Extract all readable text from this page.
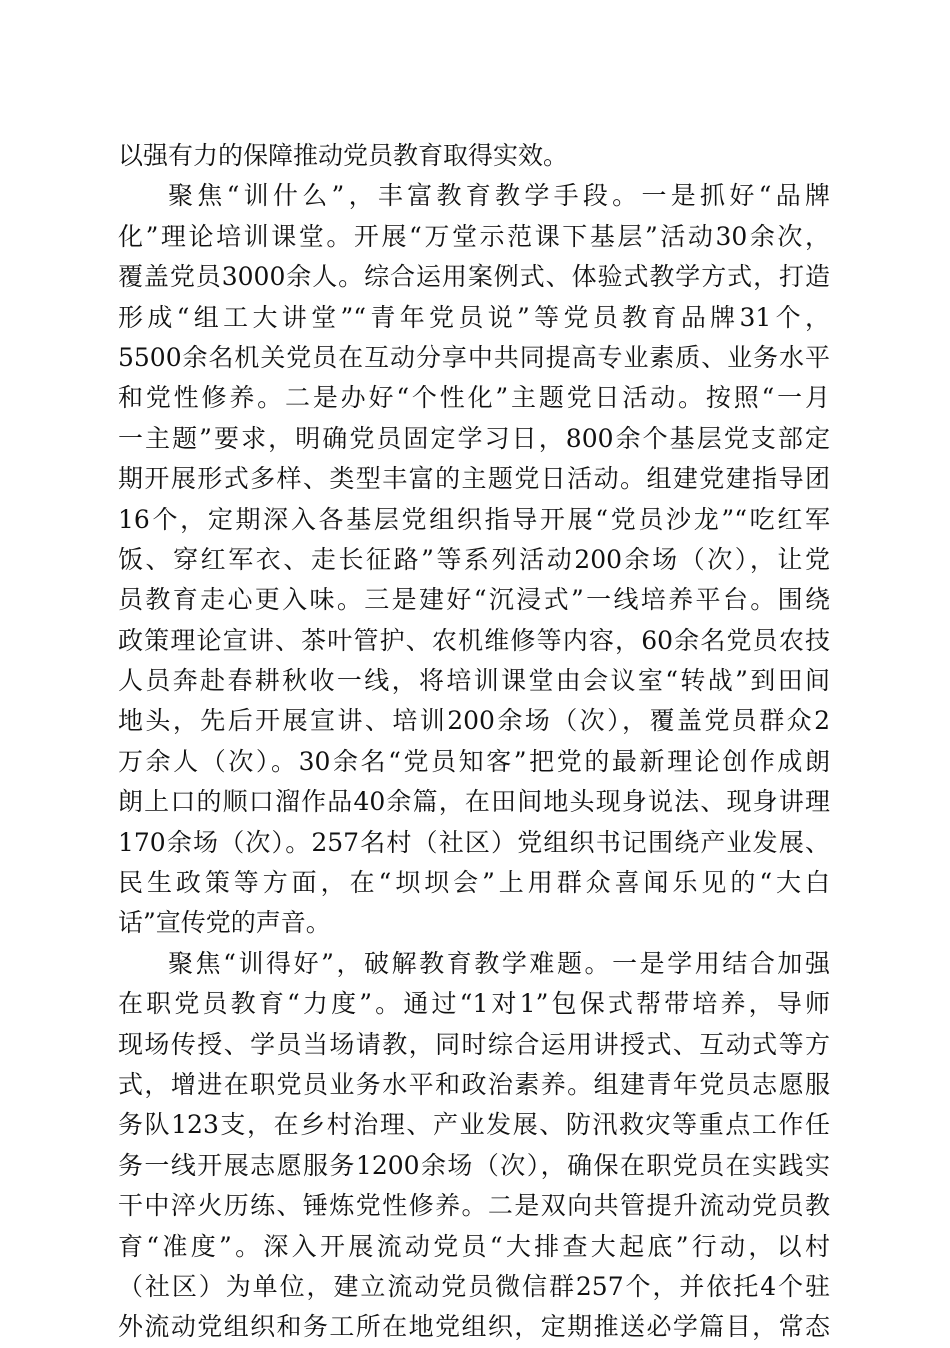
以强有力的保障推动党员教育取得实效。
聚焦“训什么”，丰富教育教学手段。一是抓好“品牌
化”理论培训课堂。开展“万堂示范课下基层”活动30余次，
覆盖党员3000余人。综合运用案例式、体验式教学方式，打造
形成“组工大讲堂”“青年党员说”等党员教育品牌31个，
5500余名机关党员在互动分享中共同提高专业素质、业务水平
和党性修养。二是办好“个性化”主题党日活动。按照“一月
一主题”要求，明确党员固定学习日，800余个基层党支部定
期开展形式多样、类型丰富的主题党日活动。组建党建指导团
16个，定期深入各基层党组织指导开展“党员沙龙”“吃红军
饭、穿红军衣、走长征路”等系列活动200余场（次），让党
员教育走心更入味。三是建好“沉浸式”一线培养平台。围绕
政策理论宣讲、茶叶管护、农机维修等内容，60余名党员农技
人员奔赴春耕秋收一线，将培训课堂由会议室“转战”到田间
地头，先后开展宣讲、培训200余场（次），覆盖党员群众2
万余人（次）。30余名“党员知客”把党的最新理论创作成朗
朗上口的顺口溜作品40余篇，在田间地头现身说法、现身讲理
170余场（次）。257名村（社区）党组织书记围绕产业发展、
民生政策等方面，在“坝坝会”上用群众喜闻乐见的“大白
话”宣传党的声音。
聚焦“训得好”，破解教育教学难题。一是学用结合加强
在职党员教育“力度”。通过“1对1”包保式帮带培养，导师
现场传授、学员当场请教，同时综合运用讲授式、互动式等方
式，增进在职党员业务水平和政治素养。组建青年党员志愿服
务队123支，在乡村治理、产业发展、防汛救灾等重点工作任
务一线开展志愿服务1200余场（次），确保在职党员在实践实
干中淬火历练、锤炼党性修养。二是双向共管提升流动党员教
育“准度”。深入开展流动党员“大排查大起底”行动，以村
（社区）为单位，建立流动党员微信群257个，并依托4个驻
外流动党组织和务工所在地党组织，定期推送必学篇目，常态
